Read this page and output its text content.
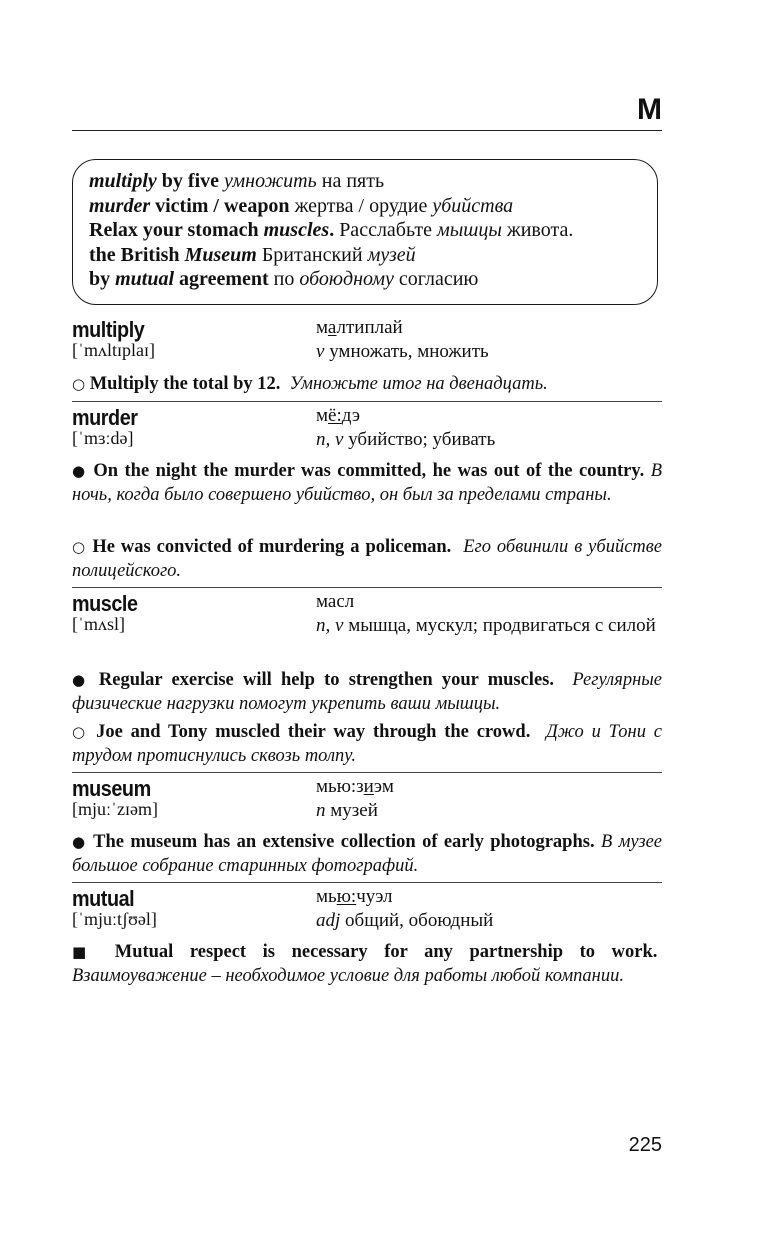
M
multiply by five умножить на пять
murder victim / weapon жертва / орудие убийства
Relax your stomach muscles. Расслабьте мышцы живота.
the British Museum Британский музей
by mutual agreement по обоюдному согласию
multiply	малтиплай
[ˈmʌltɪplaɪ]	v умножать, множить
○ Multiply the total by 12. Умножьте итог на двенадцать.
murder	мё:дэ
[ˈmɜːdə]	n, v убийство; убивать
● On the night the murder was committed, he was out of the country. В ночь, когда было совершено убийство, он был за пределами страны.
○ He was convicted of murdering a policeman. Его обвинили в убийстве полицейского.
muscle	масл
[ˈmʌsl]	n, v мышца, мускул; продвигаться с силой
● Regular exercise will help to strengthen your muscles. Регулярные физические нагрузки помогут укрепить ваши мышцы.
○ Joe and Tony muscled their way through the crowd. Джо и Тони с трудом протиснулись сквозь толпу.
museum	мью:зиэм
[mjuːˈzɪəm]	n музей
● The museum has an extensive collection of early photographs. В музее большое собрание старинных фотографий.
mutual	мью:чуэл
[ˈmjuːtʃʊəl]	adj общий, обоюдный
■ Mutual respect is necessary for any partnership to work.  Взаимоуважение – необходимое условие для работы любой компании.
225
